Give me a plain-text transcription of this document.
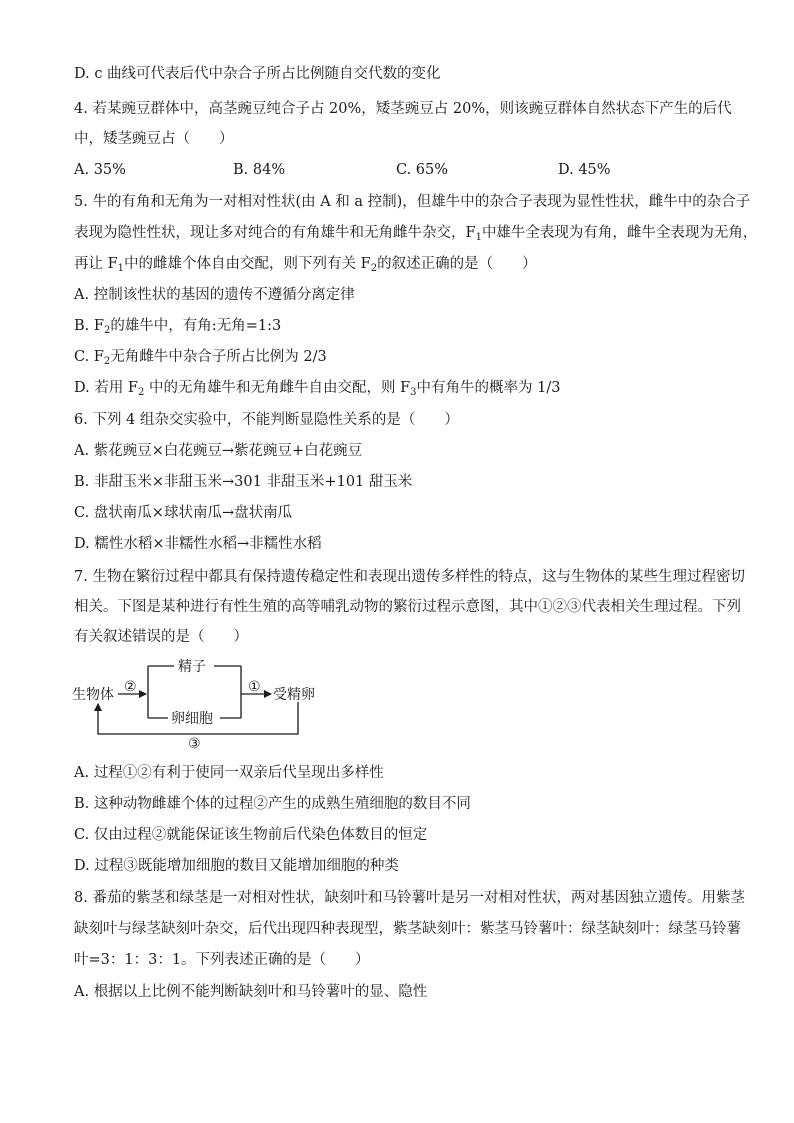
D. c 曲线可代表后代中杂合子所占比例随自交代数的变化
4. 若某豌豆群体中，高茎豌豆纯合子占 20%，矮茎豌豆占 20%，则该豌豆群体自然状态下产生的后代
中，矮茎豌豆占（　　）
A. 35%	B. 84%	C. 65%	D. 45%
5. 牛的有角和无角为一对相对性状(由 A 和 a 控制)，但雄牛中的杂合子表现为显性性状，雌牛中的杂合子
表现为隐性性状，现让多对纯合的有角雄牛和无角雌牛杂交，$F_1$中雄牛全表现为有角，雌牛全表现为无角，
再让 $F_1$中的雌雄个体自由交配，则下列有关 $F_2$的叙述正确的是（　　）
A. 控制该性状的基因的遗传不遵循分离定律
B. $F_2$的雄牛中，有角:无角=1:3
C. $F_2$无角雌牛中杂合子所占比例为 2/3
D. 若用 $F_2$ 中的无角雄牛和无角雌牛自由交配，则 $F_3$中有角牛的概率为 1/3
6. 下列 4 组杂交实验中，不能判断显隐性关系的是（　　）
A. 紫花豌豆×白花豌豆→紫花豌豆+白花豌豆
B. 非甜玉米×非甜玉米→301 非甜玉米+101 甜玉米
C. 盘状南瓜×球状南瓜→盘状南瓜
D. 糯性水稻×非糯性水稻→非糯性水稻
7. 生物在繁衍过程中都具有保持遗传稳定性和表现出遗传多样性的特点，这与生物体的某些生理过程密切
相关。下图是某种进行有性生殖的高等哺乳动物的繁衍过程示意图，其中①②③代表相关生理过程。下列
有关叙述错误的是（　　）
生物体 ②
精子
卵细胞
① 受精卵
③
A. 过程①②有利于使同一双亲后代呈现出多样性
B. 这种动物雌雄个体的过程②产生的成熟生殖细胞的数目不同
C. 仅由过程②就能保证该生物前后代染色体数目的恒定
D. 过程③既能增加细胞的数目又能增加细胞的种类
8. 番茄的紫茎和绿茎是一对相对性状，缺刻叶和马铃薯叶是另一对相对性状，两对基因独立遗传。用紫茎
缺刻叶与绿茎缺刻叶杂交，后代出现四种表现型，紫茎缺刻叶：紫茎马铃薯叶：绿茎缺刻叶：绿茎马铃薯
叶=3：1：3：1。下列表述正确的是（　　）
A. 根据以上比例不能判断缺刻叶和马铃薯叶的显、隐性
